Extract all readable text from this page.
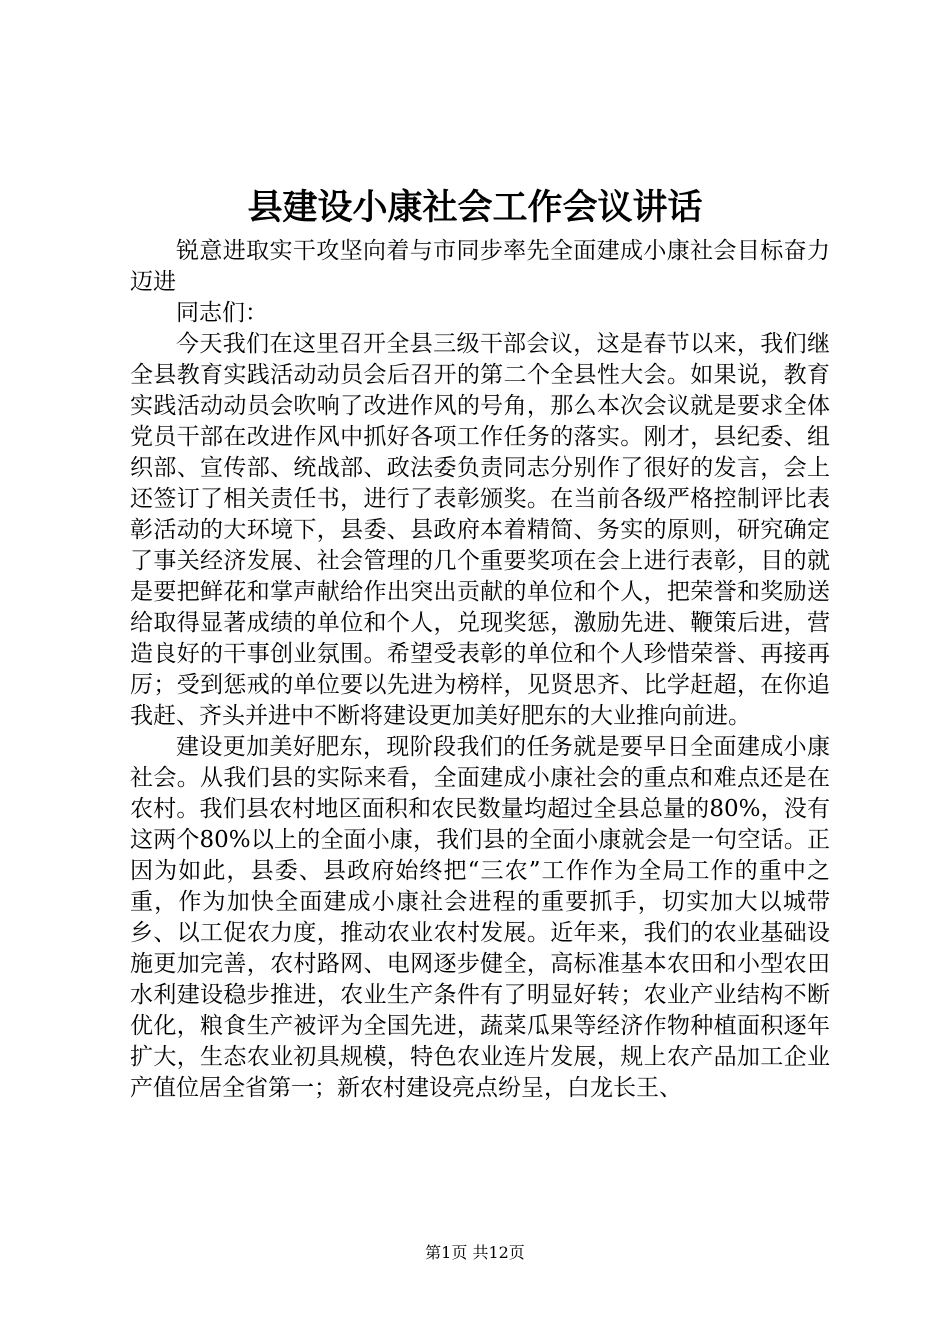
县建设小康社会工作会议讲话

锐意进取实干攻坚向着与市同步率先全面建成小康社会目标奋力迈进

同志们：

今天我们在这里召开全县三级干部会议，这是春节以来，我们继全县教育实践活动动员会后召开的第二个全县性大会。如果说，教育实践活动动员会吹响了改进作风的号角，那么本次会议就是要求全体党员干部在改进作风中抓好各项工作任务的落实。刚才，县纪委、组织部、宣传部、统战部、政法委负责同志分别作了很好的发言，会上还签订了相关责任书，进行了表彰颁奖。在当前各级严格控制评比表彰活动的大环境下，县委、县政府本着精简、务实的原则，研究确定了事关经济发展、社会管理的几个重要奖项在会上进行表彰，目的就是要把鲜花和掌声献给作出突出贡献的单位和个人，把荣誉和奖励送给取得显著成绩的单位和个人，兑现奖惩，激励先进、鞭策后进，营造良好的干事创业氛围。希望受表彰的单位和个人珍惜荣誉、再接再厉；受到惩戒的单位要以先进为榜样，见贤思齐、比学赶超，在你追我赶、齐头并进中不断将建设更加美好肥东的大业推向前进。

建设更加美好肥东，现阶段我们的任务就是要早日全面建成小康社会。从我们县的实际来看，全面建成小康社会的重点和难点还是在农村。我们县农村地区面积和农民数量均超过全县总量的80%，没有这两个80%以上的全面小康，我们县的全面小康就会是一句空话。正因为如此，县委、县政府始终把“三农”工作作为全局工作的重中之重，作为加快全面建成小康社会进程的重要抓手，切实加大以城带乡、以工促农力度，推动农业农村发展。近年来，我们的农业基础设施更加完善，农村路网、电网逐步健全，高标准基本农田和小型农田水利建设稳步推进，农业生产条件有了明显好转；农业产业结构不断优化，粮食生产被评为全国先进，蔬菜瓜果等经济作物种植面积逐年扩大，生态农业初具规模，特色农业连片发展，规上农产品加工企业产值位居全省第一；新农村建设亮点纷呈，白龙长王、

第1页 共12页
